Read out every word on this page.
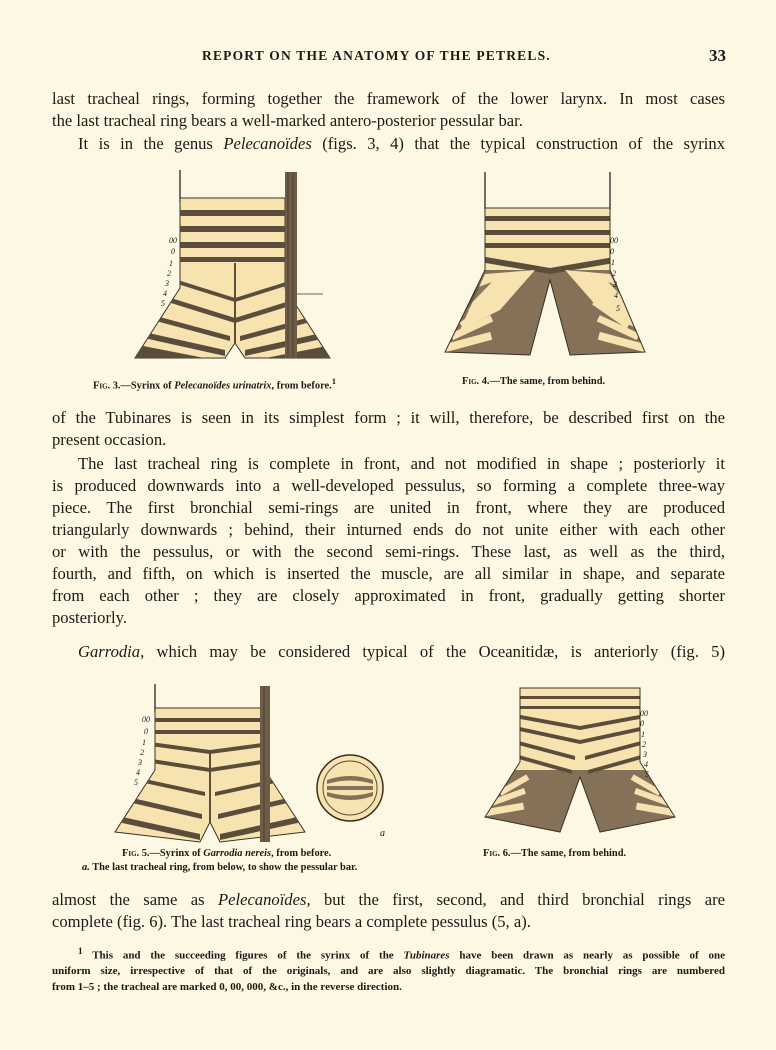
REPORT ON THE ANATOMY OF THE PETRELS.	33

last tracheal rings, forming together the framework of the lower larynx. In most cases
the last tracheal ring bears a well-marked antero-posterior pessular bar.

It is in the genus Pelecanoïdes (figs. 3, 4) that the typical construction of the syrinx

00
0
1
2
3
4
5
Fig. 3.—Syrinx of Pelecanoïdes urinatrix, from before.$^1$
00
0
1
2
3
4
5
Fig. 4.—The same, from behind.

of the Tubinares is seen in its simplest form ; it will, therefore, be described first on the
present occasion.

The last tracheal ring is complete in front, and not modified in shape ; posteriorly it
is produced downwards into a well-developed pessulus, so forming a complete three-way
piece. The first bronchial semi-rings are united in front, where they are produced
triangularly downwards ; behind, their inturned ends do not unite either with each other
or with the pessulus, or with the second semi-rings. These last, as well as the third,
fourth, and fifth, on which is inserted the muscle, are all similar in shape, and separate
from each other ; they are closely approximated in front, gradually getting shorter
posteriorly.

Garrodia, which may be considered typical of the Oceanitidæ, is anteriorly (fig. 5)

00
0
1
2
3
4
5
a
Fig. 5.—Syrinx of Garrodia nereis, from before.
a. The last tracheal ring, from below, to show the pessular bar.
00
0
1
2
3
4
5
Fig. 6.—The same, from behind.

almost the same as Pelecanoïdes, but the first, second, and third bronchial rings are
complete (fig. 6). The last tracheal ring bears a complete pessulus (5, a).

$^1$ This and the succeeding figures of the syrinx of the Tubinares have been drawn as nearly as possible of one
uniform size, irrespective of that of the originals, and are also slightly diagramatic. The bronchial rings are numbered
from 1–5 ; the tracheal are marked 0, 00, 000, &c., in the reverse direction.
